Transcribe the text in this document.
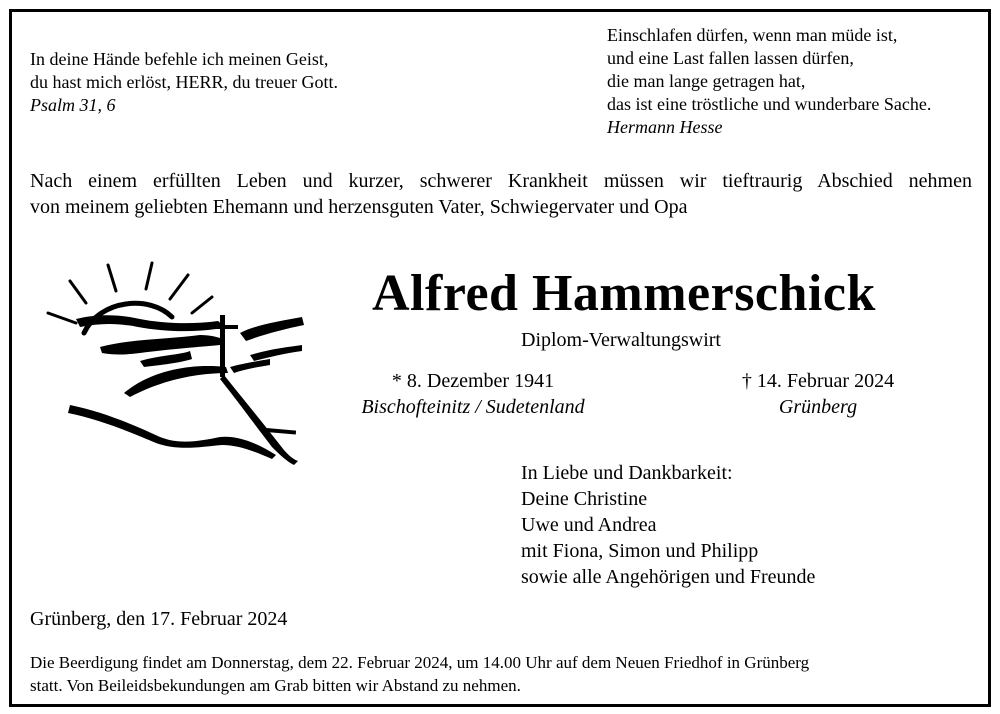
In deine Hände befehle ich meinen Geist,
du hast mich erlöst, HERR, du treuer Gott.
Psalm 31, 6
Einschlafen dürfen, wenn man müde ist,
und eine Last fallen lassen dürfen,
die man lange getragen hat,
das ist eine tröstliche und wunderbare Sache.
Hermann Hesse
Nach einem erfüllten Leben und kurzer, schwerer Krankheit müssen wir tieftraurig Abschied nehmen
von meinem geliebten Ehemann und herzensguten Vater, Schwiegervater und Opa
Alfred Hammerschick
Diplom-Verwaltungswirt
* 8. Dezember 1941
Bischofteinitz / Sudetenland
† 14. Februar 2024
Grünberg
In Liebe und Dankbarkeit:
Deine Christine
Uwe und Andrea
mit Fiona, Simon und Philipp
sowie alle Angehörigen und Freunde
Grünberg, den 17. Februar 2024
Die Beerdigung findet am Donnerstag, dem 22. Februar 2024, um 14.00 Uhr auf dem Neuen Friedhof in Grünberg
statt. Von Beileidsbekundungen am Grab bitten wir Abstand zu nehmen.
